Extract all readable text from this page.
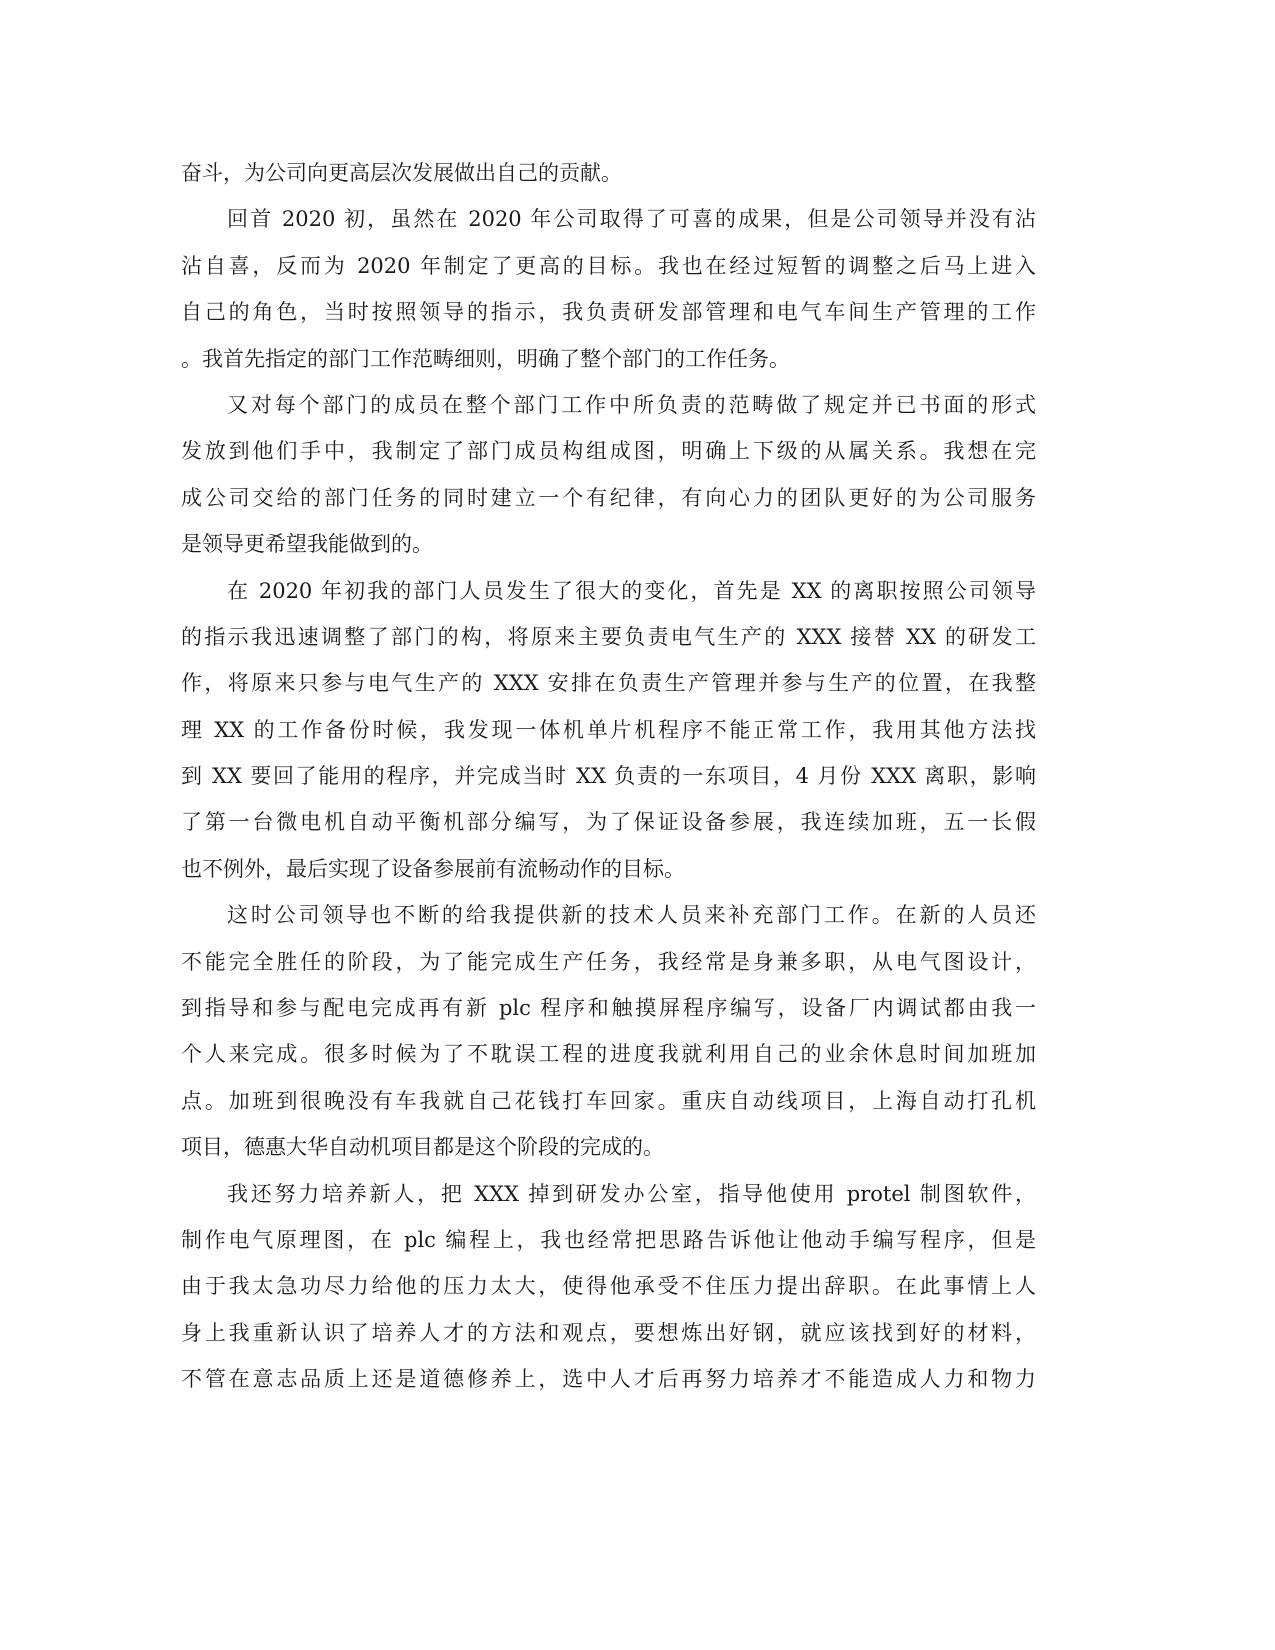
奋斗，为公司向更高层次发展做出自己的贡献。
回首 2020 初，虽然在 2020 年公司取得了可喜的成果，但是公司领导并没有沾
沾自喜，反而为 2020 年制定了更高的目标。我也在经过短暂的调整之后马上进入
自己的角色，当时按照领导的指示，我负责研发部管理和电气车间生产管理的工作
。我首先指定的部门工作范畴细则，明确了整个部门的工作任务。
又对每个部门的成员在整个部门工作中所负责的范畴做了规定并已书面的形式
发放到他们手中，我制定了部门成员构组成图，明确上下级的从属关系。我想在完
成公司交给的部门任务的同时建立一个有纪律，有向心力的团队更好的为公司服务
是领导更希望我能做到的。
在 2020 年初我的部门人员发生了很大的变化，首先是 XX 的离职按照公司领导
的指示我迅速调整了部门的构，将原来主要负责电气生产的 XXX 接替 XX 的研发工
作，将原来只参与电气生产的 XXX 安排在负责生产管理并参与生产的位置，在我整
理 XX 的工作备份时候，我发现一体机单片机程序不能正常工作，我用其他方法找
到 XX 要回了能用的程序，并完成当时 XX 负责的一东项目，4 月份 XXX 离职，影响
了第一台微电机自动平衡机部分编写，为了保证设备参展，我连续加班，五一长假
也不例外，最后实现了设备参展前有流畅动作的目标。
这时公司领导也不断的给我提供新的技术人员来补充部门工作。在新的人员还
不能完全胜任的阶段，为了能完成生产任务，我经常是身兼多职，从电气图设计，
到指导和参与配电完成再有新 plc 程序和触摸屏程序编写，设备厂内调试都由我一
个人来完成。很多时候为了不耽误工程的进度我就利用自己的业余休息时间加班加
点。加班到很晚没有车我就自己花钱打车回家。重庆自动线项目，上海自动打孔机
项目，德惠大华自动机项目都是这个阶段的完成的。
我还努力培养新人，把 XXX 掉到研发办公室，指导他使用 protel 制图软件，
制作电气原理图，在 plc 编程上，我也经常把思路告诉他让他动手编写程序，但是
由于我太急功尽力给他的压力太大，使得他承受不住压力提出辞职。在此事情上人
身上我重新认识了培养人才的方法和观点，要想炼出好钢，就应该找到好的材料，
不管在意志品质上还是道德修养上，选中人才后再努力培养才不能造成人力和物力
